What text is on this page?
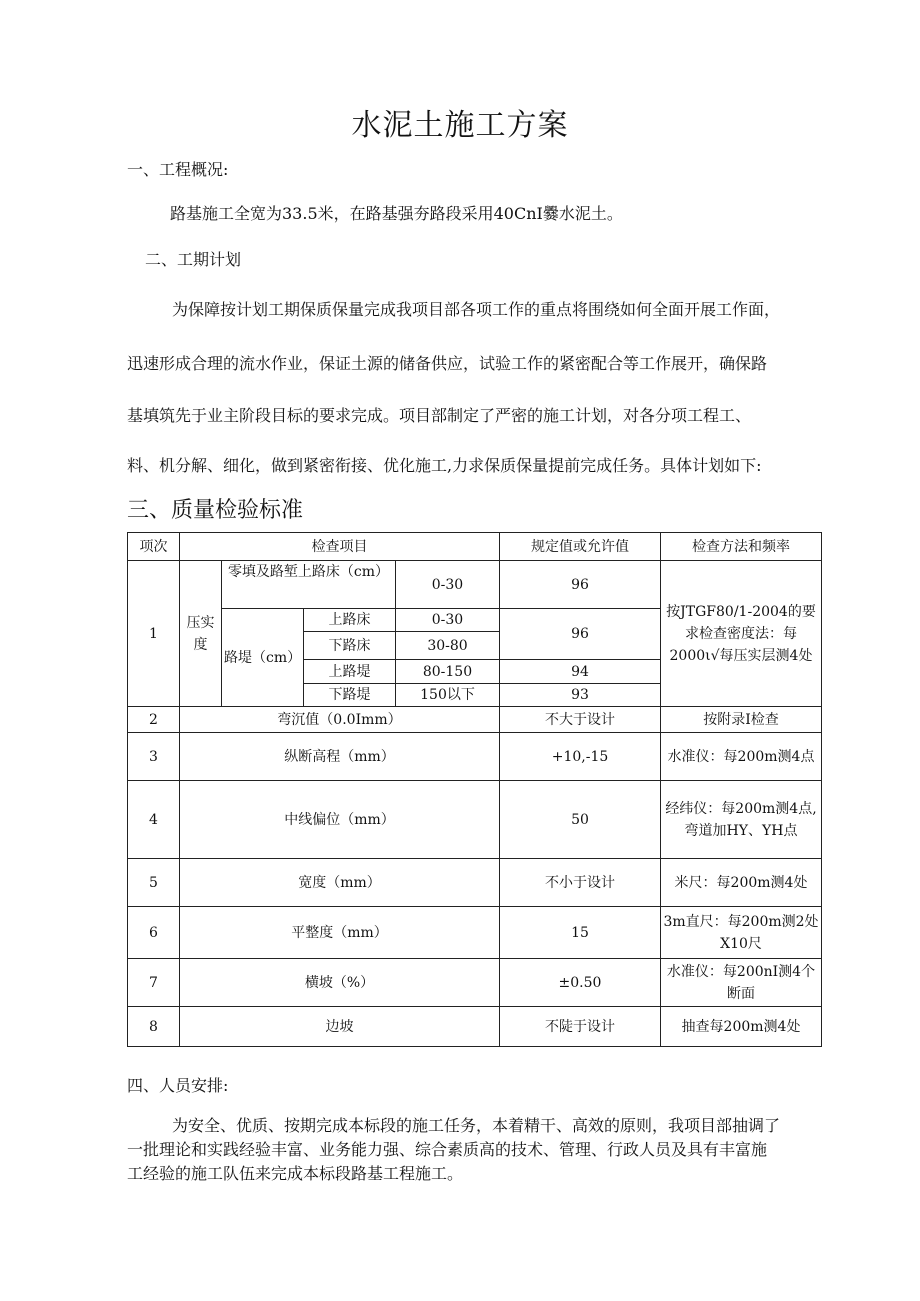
水泥土施工方案
一、工程概况:
路基施工全宽为33.5米，在路基强夯路段采用40CnI爨水泥土。
二、工期计划
为保障按计划工期保质保量完成我项目部各项工作的重点将围绕如何全面开展工作面，
迅速形成合理的流水作业，保证土源的储备供应，试验工作的紧密配合等工作展开，确保路
基填筑先于业主阶段目标的要求完成。项目部制定了严密的施工计划，对各分项工程工、
料、机分解、细化，做到紧密衔接、优化施工,力求保质保量提前完成任务。具体计划如下:
三、质量检验标准
项次	检查项目				规定值或允许值	检查方法和频率
1	压实度	零填及路堑上路床（cm）		0-30	96	按JTGF80/1-2004的要求检查密度法：每2000ι√每压实层测4处
		路堤（cm）	上路床	0-30	96	
			下路床	30-80		
			上路堤	80-150	94	
			下路堤	150以下	93	
2	弯沉值（0.0Imm）				不大于设计	按附录I检查
3	纵断高程（mm）				+10,-15	水准仪：每200m测4点
4	中线偏位（mm）				50	经纬仪：每200m测4点,弯道加HY、YH点
5	宽度（mm）				不小于设计	米尺：每200m测4处
6	平整度（mm）				15	3m直尺：每200m测2处X10尺
7	横坡（%）				±0.50	水准仪：每200nI测4个断面
8	边坡				不陡于设计	抽查每200m测4处
四、人员安排:
为安全、优质、按期完成本标段的施工任务，本着精干、高效的原则，我项目部抽调了
一批理论和实践经验丰富、业务能力强、综合素质高的技术、管理、行政人员及具有丰富施
工经验的施工队伍来完成本标段路基工程施工。
